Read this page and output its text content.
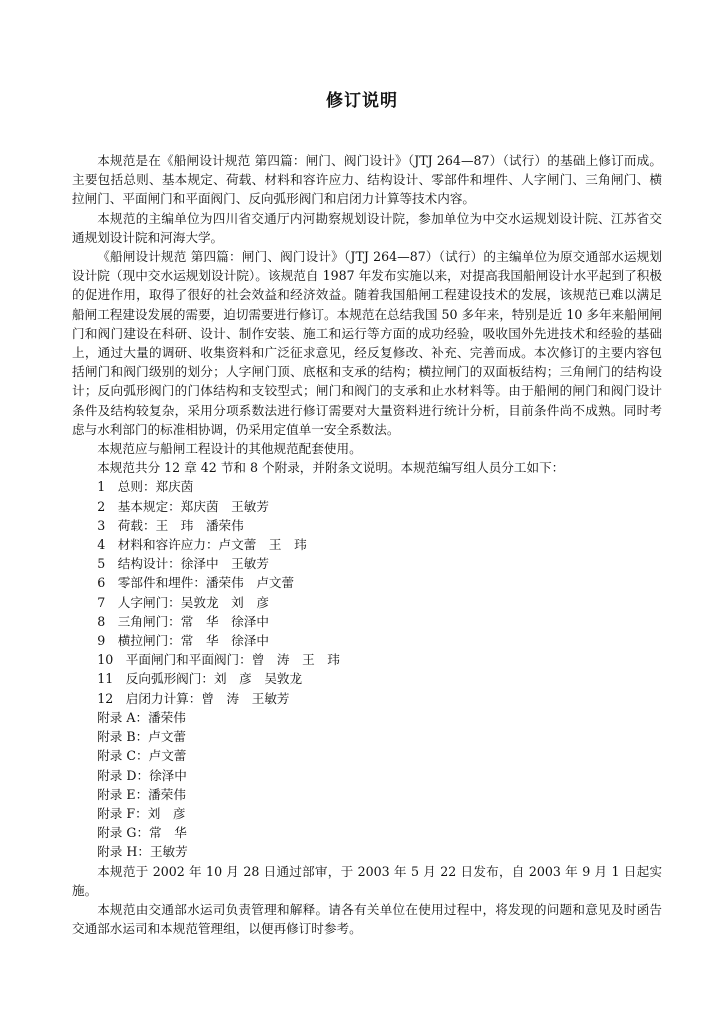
修订说明

本规范是在《船闸设计规范 第四篇：闸门、阀门设计》（JTJ 264—87）（试行）的基础上修订而成。主要包括总则、基本规定、荷载、材料和容许应力、结构设计、零部件和埋件、人字闸门、三角闸门、横拉闸门、平面闸门和平面阀门、反向弧形阀门和启闭力计算等技术内容。

本规范的主编单位为四川省交通厅内河勘察规划设计院，参加单位为中交水运规划设计院、江苏省交通规划设计院和河海大学。

《船闸设计规范 第四篇：闸门、阀门设计》（JTJ 264—87）（试行）的主编单位为原交通部水运规划设计院（现中交水运规划设计院）。该规范自 1987 年发布实施以来，对提高我国船闸设计水平起到了积极的促进作用，取得了很好的社会效益和经济效益。随着我国船闸工程建设技术的发展，该规范已难以满足船闸工程建设发展的需要，迫切需要进行修订。本规范在总结我国 50 多年来，特别是近 10 多年来船闸闸门和阀门建设在科研、设计、制作安装、施工和运行等方面的成功经验，吸收国外先进技术和经验的基础上，通过大量的调研、收集资料和广泛征求意见，经反复修改、补充、完善而成。本次修订的主要内容包括闸门和阀门级别的划分；人字闸门顶、底枢和支承的结构；横拉闸门的双面板结构；三角闸门的结构设计；反向弧形阀门的门体结构和支铰型式；闸门和阀门的支承和止水材料等。由于船闸的闸门和阀门设计条件及结构较复杂，采用分项系数法进行修订需要对大量资料进行统计分析，目前条件尚不成熟。同时考虑与水利部门的标准相协调，仍采用定值单一安全系数法。

本规范应与船闸工程设计的其他规范配套使用。

本规范共分 12 章 42 节和 8 个附录，并附条文说明。本规范编写组人员分工如下：

1　总则：郑庆茵
2　基本规定：郑庆茵　王敏芳
3　荷载：王　玮　潘荣伟
4　材料和容许应力：卢文蕾　王　玮
5　结构设计：徐泽中　王敏芳
6　零部件和埋件：潘荣伟　卢文蕾
7　人字闸门：吴敦龙　刘　彦
8　三角闸门：常　华　徐泽中
9　横拉闸门：常　华　徐泽中
10　平面闸门和平面阀门：曾　涛　王　玮
11　反向弧形阀门：刘　彦　吴敦龙
12　启闭力计算：曾　涛　王敏芳
附录 A：潘荣伟
附录 B：卢文蕾
附录 C：卢文蕾
附录 D：徐泽中
附录 E：潘荣伟
附录 F：刘　彦
附录 G：常　华
附录 H：王敏芳

本规范于 2002 年 10 月 28 日通过部审，于 2003 年 5 月 22 日发布，自 2003 年 9 月 1 日起实施。

本规范由交通部水运司负责管理和解释。请各有关单位在使用过程中，将发现的问题和意见及时函告交通部水运司和本规范管理组，以便再修订时参考。
